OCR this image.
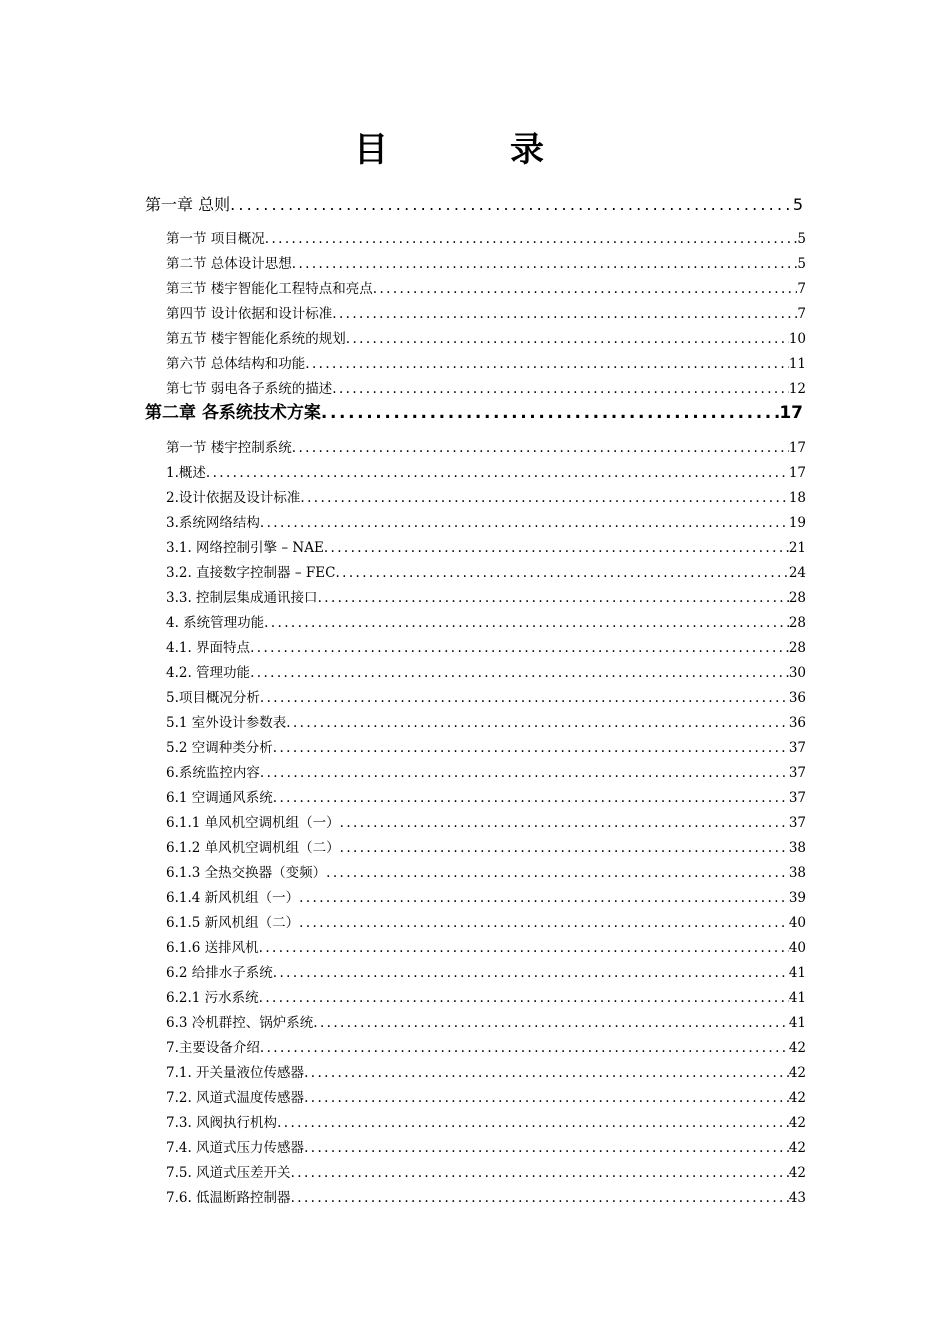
目	录
第一章 总则 .....	5
第一节 项目概况 .....	5
第二节 总体设计思想 .....	5
第三节 楼宇智能化工程特点和亮点 .....	7
第四节 设计依据和设计标准 .....	7
第五节 楼宇智能化系统的规划 .....	10
第六节 总体结构和功能 .....	11
第七节 弱电各子系统的描述 .....	12
第二章 各系统技术方案 .....	17
第一节 楼宇控制系统 .....	17
1.概述 .....	17
2.设计依据及设计标准 .....	18
3.系统网络结构 .....	19
3.1. 网络控制引擎 – NAE .....	21
3.2. 直接数字控制器 – FEC .....	24
3.3. 控制层集成通讯接口 .....	28
4. 系统管理功能 .....	28
4.1. 界面特点 .....	28
4.2. 管理功能 .....	30
5.项目概况分析 .....	36
5.1 室外设计参数表 .....	36
5.2 空调种类分析 .....	37
6.系统监控内容 .....	37
6.1 空调通风系统 .....	37
6.1.1 单风机空调机组（一） .....	37
6.1.2 单风机空调机组（二） .....	38
6.1.3 全热交换器（变频） .....	38
6.1.4 新风机组（一） .....	39
6.1.5 新风机组（二） .....	40
6.1.6 送排风机 .....	40
6.2 给排水子系统 .....	41
6.2.1 污水系统 .....	41
6.3 冷机群控、锅炉系统 .....	41
7.主要设备介绍 .....	42
7.1. 开关量液位传感器 .....	42
7.2. 风道式温度传感器 .....	42
7.3. 风阀执行机构 .....	42
7.4. 风道式压力传感器 .....	42
7.5. 风道式压差开关 .....	42
7.6. 低温断路控制器 .....	43
